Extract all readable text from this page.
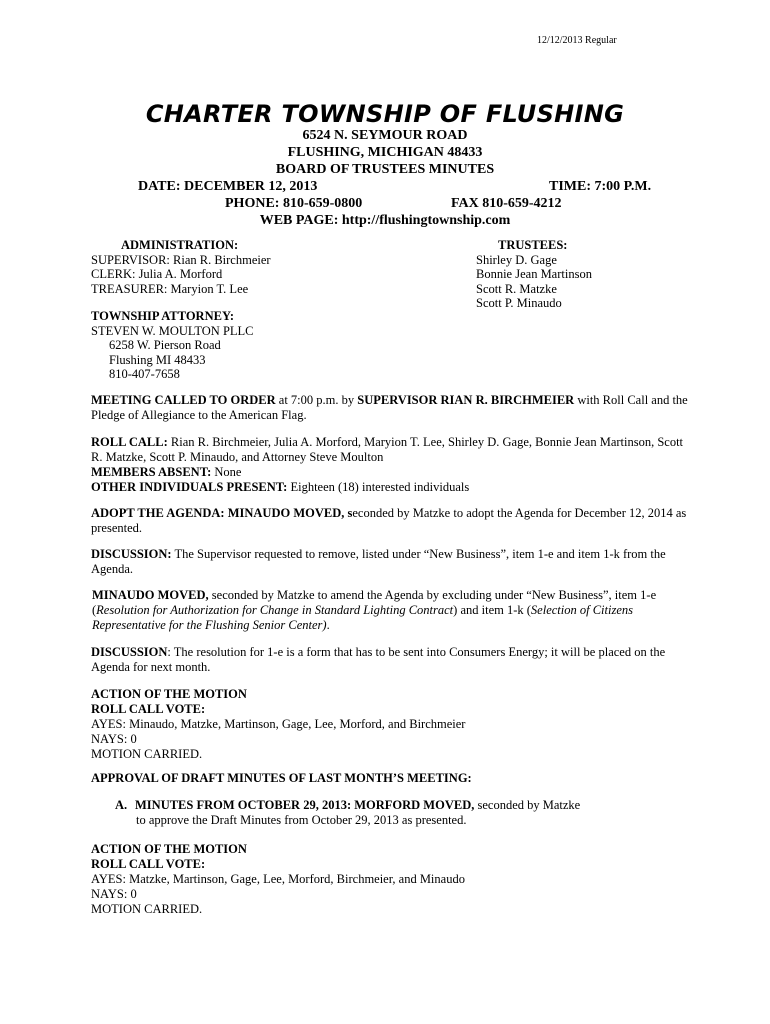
12/12/2013 Regular
CHARTER TOWNSHIP OF FLUSHING
6524 N. SEYMOUR ROAD
FLUSHING, MICHIGAN 48433
BOARD OF TRUSTEES MINUTES
DATE: DECEMBER 12, 2013	TIME: 7:00 P.M.
PHONE: 810-659-0800	FAX 810-659-4212
WEB PAGE: http://flushingtownship.com
ADMINISTRATION:
SUPERVISOR: Rian R. Birchmeier
CLERK: Julia A. Morford
TREASURER: Maryion T. Lee
TRUSTEES:
Shirley D. Gage
Bonnie Jean Martinson
Scott R. Matzke
Scott P. Minaudo
TOWNSHIP ATTORNEY:
STEVEN W. MOULTON PLLC
6258 W. Pierson Road
Flushing MI 48433
810-407-7658
MEETING CALLED TO ORDER at 7:00 p.m. by SUPERVISOR RIAN R. BIRCHMEIER with Roll Call and the Pledge of Allegiance to the American Flag.
ROLL CALL: Rian R. Birchmeier, Julia A. Morford, Maryion T. Lee, Shirley D. Gage, Bonnie Jean Martinson, Scott R. Matzke, Scott P. Minaudo, and Attorney Steve Moulton
MEMBERS ABSENT: None
OTHER INDIVIDUALS PRESENT: Eighteen (18) interested individuals
ADOPT THE AGENDA: MINAUDO MOVED, seconded by Matzke to adopt the Agenda for December 12, 2014 as presented.
DISCUSSION: The Supervisor requested to remove, listed under “New Business”, item 1-e and item 1-k from the Agenda.
MINAUDO MOVED, seconded by Matzke to amend the Agenda by excluding under “New Business”, item 1-e (Resolution for Authorization for Change in Standard Lighting Contract) and item 1-k (Selection of Citizens Representative for the Flushing Senior Center).
DISCUSSION: The resolution for 1-e is a form that has to be sent into Consumers Energy; it will be placed on the Agenda for next month.
ACTION OF THE MOTION
ROLL CALL VOTE:
AYES: Minaudo, Matzke, Martinson, Gage, Lee, Morford, and Birchmeier
NAYS: 0
MOTION CARRIED.
APPROVAL OF DRAFT MINUTES OF LAST MONTH’S MEETING:
A. MINUTES FROM OCTOBER 29, 2013: MORFORD MOVED, seconded by Matzke
to approve the Draft Minutes from October 29, 2013 as presented.
ACTION OF THE MOTION
ROLL CALL VOTE:
AYES: Matzke, Martinson, Gage, Lee, Morford, Birchmeier, and Minaudo
NAYS: 0
MOTION CARRIED.
